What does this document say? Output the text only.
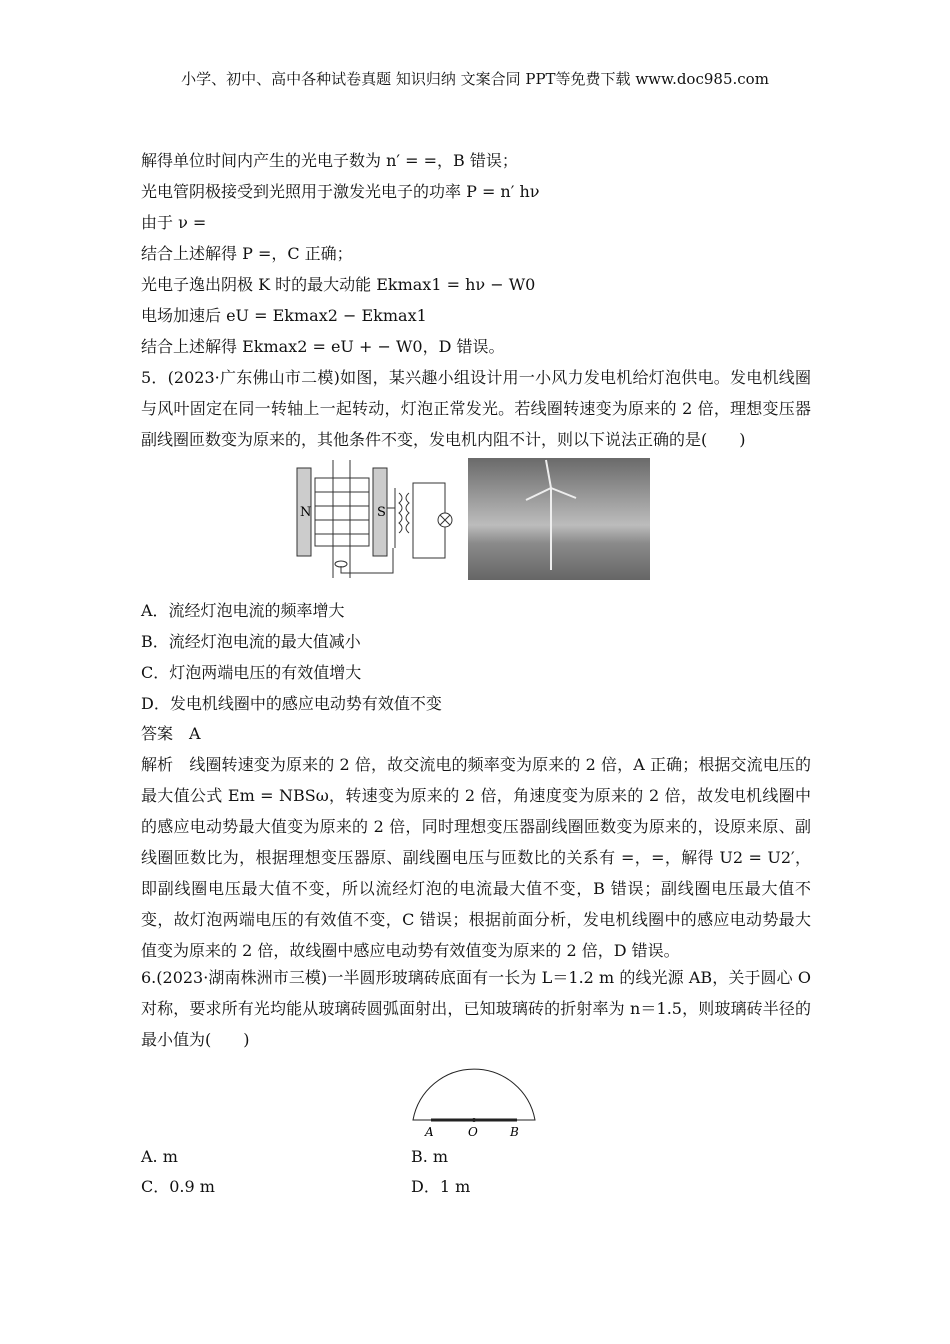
小学、初中、高中各种试卷真题 知识归纳 文案合同 PPT等免费下载 www.doc985.com
解得单位时间内产生的光电子数为 n′ = =，B 错误；
光电管阴极接受到光照用于激发光电子的功率 P = n′ hν
由于 ν =
结合上述解得 P =，C 正确；
光电子逸出阴极 K 时的最大动能 Ekmax1 = hν − W0
电场加速后 eU = Ekmax2 − Ekmax1
结合上述解得 Ekmax2 = eU + − W0，D 错误。
5．(2023·广东佛山市二模)如图，某兴趣小组设计用一小风力发电机给灯泡供电。发电机线圈与风叶固定在同一转轴上一起转动，灯泡正常发光。若线圈转速变为原来的 2 倍，理想变压器副线圈匝数变为原来的，其他条件不变，发电机内阻不计，则以下说法正确的是(　　)
N	S
A．流经灯泡电流的频率增大
B．流经灯泡电流的最大值减小
C．灯泡两端电压的有效值增大
D．发电机线圈中的感应电动势有效值不变
答案　A
解析　线圈转速变为原来的 2 倍，故交流电的频率变为原来的 2 倍，A 正确；根据交流电压的最大值公式 Em = NBSω，转速变为原来的 2 倍，角速度变为原来的 2 倍，故发电机线圈中的感应电动势最大值变为原来的 2 倍，同时理想变压器副线圈匝数变为原来的，设原来原、副线圈匝数比为，根据理想变压器原、副线圈电压与匝数比的关系有 =，=，解得 U2 = U2′，即副线圈电压最大值不变，所以流经灯泡的电流最大值不变，B 错误；副线圈电压最大值不变，故灯泡两端电压的有效值不变，C 错误；根据前面分析，发电机线圈中的感应电动势最大值变为原来的 2 倍，故线圈中感应电动势有效值变为原来的 2 倍，D 错误。
6.(2023·湖南株洲市三模)一半圆形玻璃砖底面有一长为 L＝1.2 m 的线光源 AB，关于圆心 O 对称，要求所有光均能从玻璃砖圆弧面射出，已知玻璃砖的折射率为 n＝1.5，则玻璃砖半径的最小值为(　　)
A	O	B
A. m	B. m
C．0.9 m	D．1 m
